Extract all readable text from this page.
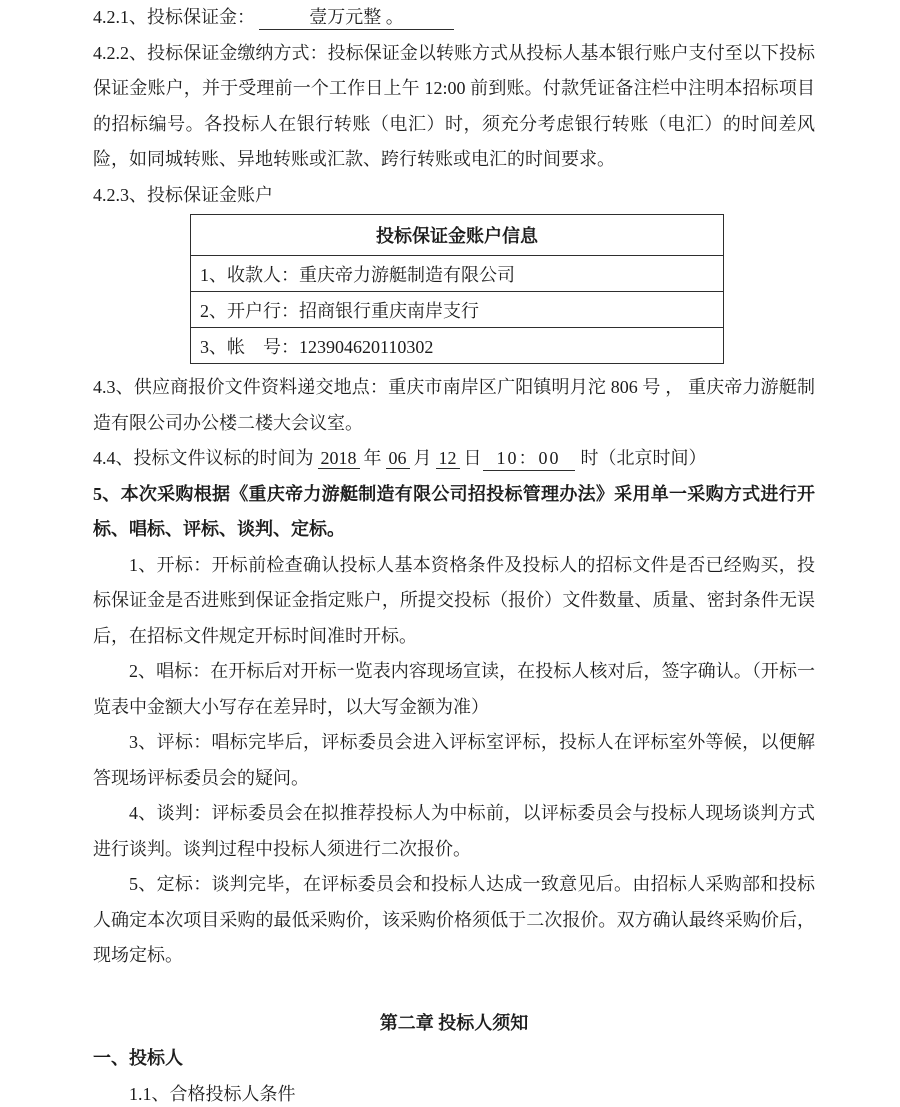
4.2.1、投标保证金：	壹万元整 。

4.2.2、投标保证金缴纳方式：投标保证金以转账方式从投标人基本银行账户支付至以下投标保证金账户，并于受理前一个工作日上午 12:00 前到账。付款凭证备注栏中注明本招标项目的招标编号。各投标人在银行转账（电汇）时，须充分考虑银行转账（电汇）的时间差风险，如同城转账、异地转账或汇款、跨行转账或电汇的时间要求。

4.2.3、投标保证金账户

投标保证金账户信息
1、收款人：重庆帝力游艇制造有限公司
2、开户行：招商银行重庆南岸支行
3、帐　号：123904620110302

4.3、供应商报价文件资料递交地点：重庆市南岸区广阳镇明月沱 806 号 ， 重庆帝力游艇制造有限公司办公楼二楼大会议室。

4.4、投标文件议标的时间为 2018 年 06 月 12 日 10：00 时（北京时间）

5、本次采购根据《重庆帝力游艇制造有限公司招投标管理办法》采用单一采购方式进行开标、唱标、评标、谈判、定标。

1、开标：开标前检查确认投标人基本资格条件及投标人的招标文件是否已经购买，投标保证金是否进账到保证金指定账户，所提交投标（报价）文件数量、质量、密封条件无误后，在招标文件规定开标时间准时开标。

2、唱标：在开标后对开标一览表内容现场宣读，在投标人核对后，签字确认。（开标一览表中金额大小写存在差异时，以大写金额为准）

3、评标：唱标完毕后，评标委员会进入评标室评标，投标人在评标室外等候，以便解答现场评标委员会的疑问。

4、谈判：评标委员会在拟推荐投标人为中标前，以评标委员会与投标人现场谈判方式进行谈判。谈判过程中投标人须进行二次报价。

5、定标：谈判完毕，在评标委员会和投标人达成一致意见后。由招标人采购部和投标人确定本次项目采购的最低采购价，该采购价格须低于二次报价。双方确认最终采购价后，现场定标。

第二章 投标人须知

一、投标人

1.1、合格投标人条件
